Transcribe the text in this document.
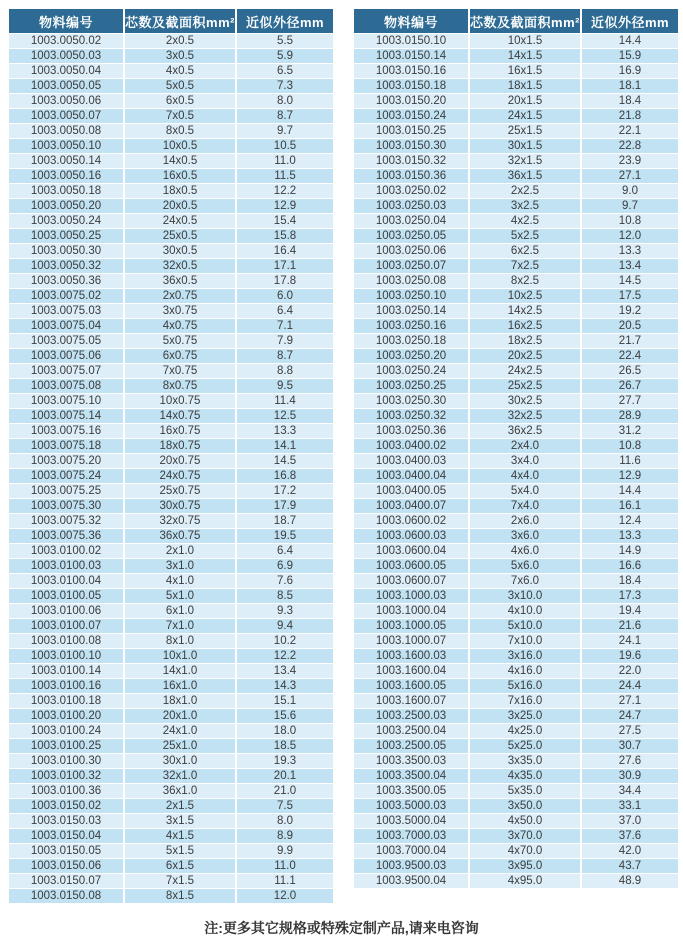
物料编号	芯数及截面积mm²	近似外径mm
1003.0050.02	2x0.5	5.5
1003.0050.03	3x0.5	5.9
1003.0050.04	4x0.5	6.5
1003.0050.05	5x0.5	7.3
1003.0050.06	6x0.5	8.0
1003.0050.07	7x0.5	8.7
1003.0050.08	8x0.5	9.7
1003.0050.10	10x0.5	10.5
1003.0050.14	14x0.5	11.0
1003.0050.16	16x0.5	11.5
1003.0050.18	18x0.5	12.2
1003.0050.20	20x0.5	12.9
1003.0050.24	24x0.5	15.4
1003.0050.25	25x0.5	15.8
1003.0050.30	30x0.5	16.4
1003.0050.32	32x0.5	17.1
1003.0050.36	36x0.5	17.8
1003.0075.02	2x0.75	6.0
1003.0075.03	3x0.75	6.4
1003.0075.04	4x0.75	7.1
1003.0075.05	5x0.75	7.9
1003.0075.06	6x0.75	8.7
1003.0075.07	7x0.75	8.8
1003.0075.08	8x0.75	9.5
1003.0075.10	10x0.75	11.4
1003.0075.14	14x0.75	12.5
1003.0075.16	16x0.75	13.3
1003.0075.18	18x0.75	14.1
1003.0075.20	20x0.75	14.5
1003.0075.24	24x0.75	16.8
1003.0075.25	25x0.75	17.2
1003.0075.30	30x0.75	17.9
1003.0075.32	32x0.75	18.7
1003.0075.36	36x0.75	19.5
1003.0100.02	2x1.0	6.4
1003.0100.03	3x1.0	6.9
1003.0100.04	4x1.0	7.6
1003.0100.05	5x1.0	8.5
1003.0100.06	6x1.0	9.3
1003.0100.07	7x1.0	9.4
1003.0100.08	8x1.0	10.2
1003.0100.10	10x1.0	12.2
1003.0100.14	14x1.0	13.4
1003.0100.16	16x1.0	14.3
1003.0100.18	18x1.0	15.1
1003.0100.20	20x1.0	15.6
1003.0100.24	24x1.0	18.0
1003.0100.25	25x1.0	18.5
1003.0100.30	30x1.0	19.3
1003.0100.32	32x1.0	20.1
1003.0100.36	36x1.0	21.0
1003.0150.02	2x1.5	7.5
1003.0150.03	3x1.5	8.0
1003.0150.04	4x1.5	8.9
1003.0150.05	5x1.5	9.9
1003.0150.06	6x1.5	11.0
1003.0150.07	7x1.5	11.1
1003.0150.08	8x1.5	12.0
物料编号	芯数及截面积mm²	近似外径mm
1003.0150.10	10x1.5	14.4
1003.0150.14	14x1.5	15.9
1003.0150.16	16x1.5	16.9
1003.0150.18	18x1.5	18.1
1003.0150.20	20x1.5	18.4
1003.0150.24	24x1.5	21.8
1003.0150.25	25x1.5	22.1
1003.0150.30	30x1.5	22.8
1003.0150.32	32x1.5	23.9
1003.0150.36	36x1.5	27.1
1003.0250.02	2x2.5	9.0
1003.0250.03	3x2.5	9.7
1003.0250.04	4x2.5	10.8
1003.0250.05	5x2.5	12.0
1003.0250.06	6x2.5	13.3
1003.0250.07	7x2.5	13.4
1003.0250.08	8x2.5	14.5
1003.0250.10	10x2.5	17.5
1003.0250.14	14x2.5	19.2
1003.0250.16	16x2.5	20.5
1003.0250.18	18x2.5	21.7
1003.0250.20	20x2.5	22.4
1003.0250.24	24x2.5	26.5
1003.0250.25	25x2.5	26.7
1003.0250.30	30x2.5	27.7
1003.0250.32	32x2.5	28.9
1003.0250.36	36x2.5	31.2
1003.0400.02	2x4.0	10.8
1003.0400.03	3x4.0	11.6
1003.0400.04	4x4.0	12.9
1003.0400.05	5x4.0	14.4
1003.0400.07	7x4.0	16.1
1003.0600.02	2x6.0	12.4
1003.0600.03	3x6.0	13.3
1003.0600.04	4x6.0	14.9
1003.0600.05	5x6.0	16.6
1003.0600.07	7x6.0	18.4
1003.1000.03	3x10.0	17.3
1003.1000.04	4x10.0	19.4
1003.1000.05	5x10.0	21.6
1003.1000.07	7x10.0	24.1
1003.1600.03	3x16.0	19.6
1003.1600.04	4x16.0	22.0
1003.1600.05	5x16.0	24.4
1003.1600.07	7x16.0	27.1
1003.2500.03	3x25.0	24.7
1003.2500.04	4x25.0	27.5
1003.2500.05	5x25.0	30.7
1003.3500.03	3x35.0	27.6
1003.3500.04	4x35.0	30.9
1003.3500.05	5x35.0	34.4
1003.5000.03	3x50.0	33.1
1003.5000.04	4x50.0	37.0
1003.7000.03	3x70.0	37.6
1003.7000.04	4x70.0	42.0
1003.9500.03	3x95.0	43.7
1003.9500.04	4x95.0	48.9
注:更多其它规格或特殊定制产品,请来电咨询
